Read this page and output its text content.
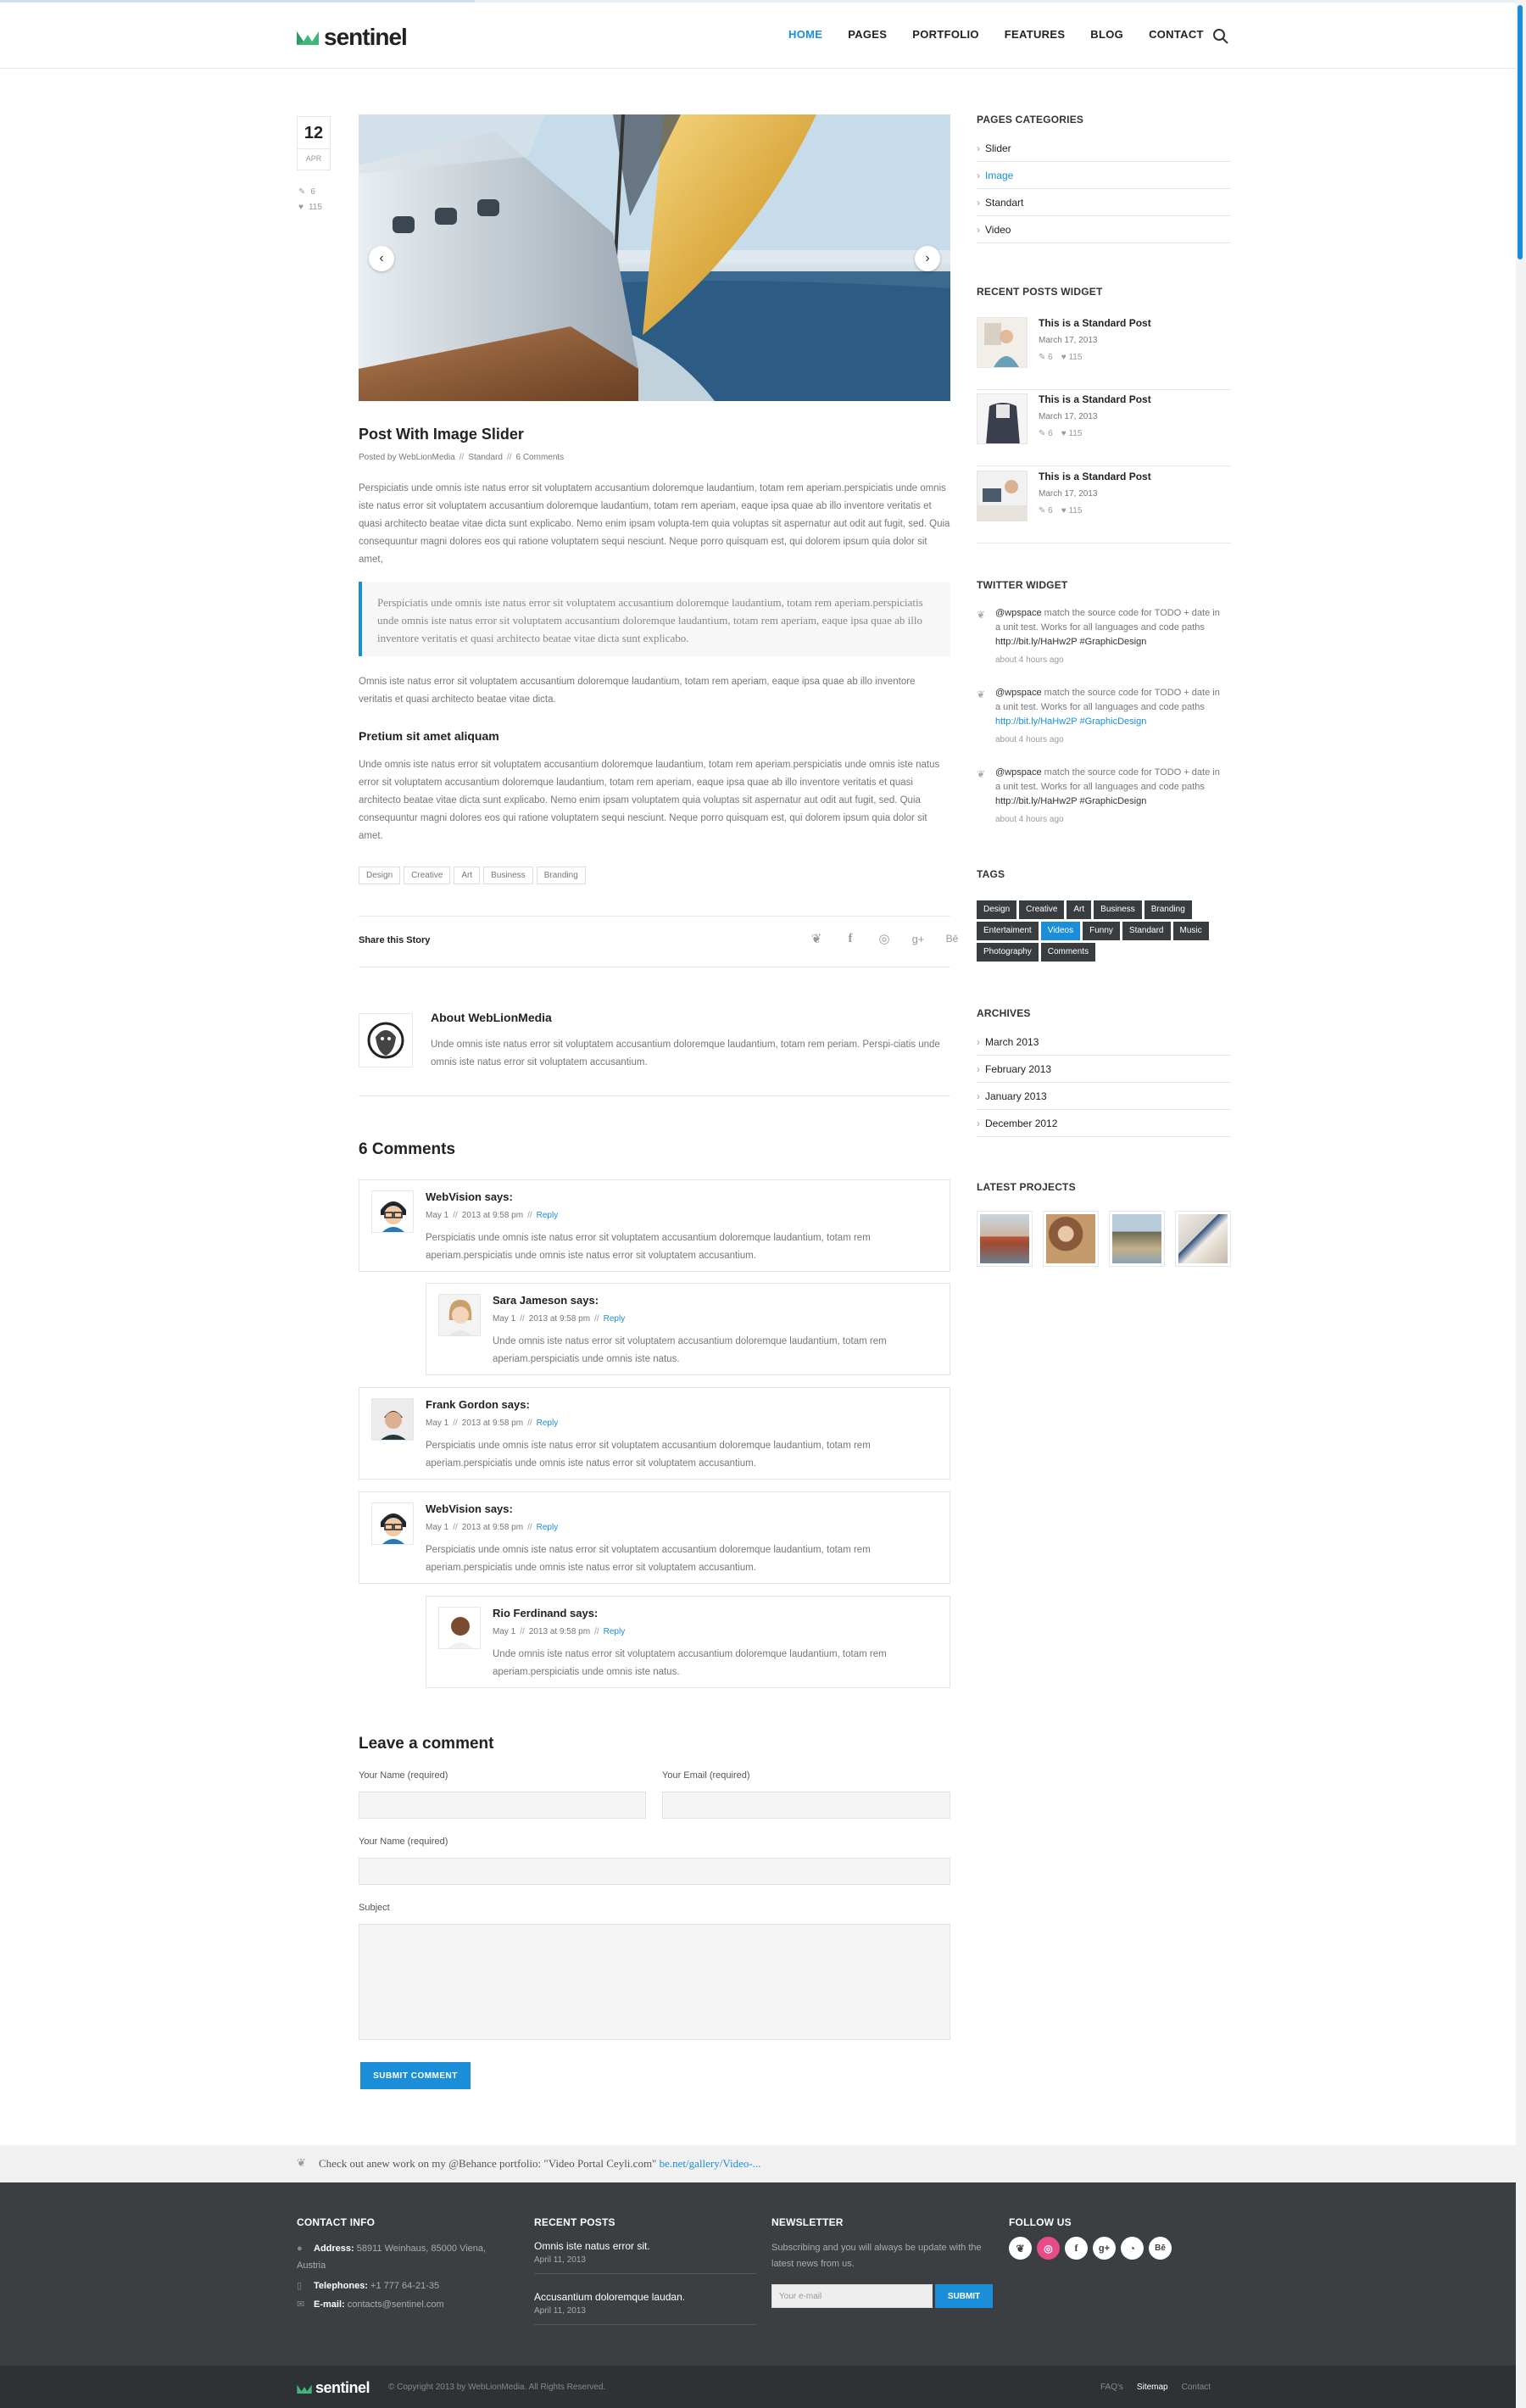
sentinel	HOME PAGES PORTFOLIO FEATURES BLOG CONTACT
12
APR
✎ 6
♥ 115
‹	›
Post With Image Slider
Posted by WebLionMedia // Standard // 6 Comments

Perspiciatis unde omnis iste natus error sit voluptatem accusantium doloremque laudantium, totam rem aperiam.perspiciatis unde omnis iste natus error sit voluptatem accusantium doloremque laudantium, totam rem aperiam, eaque ipsa quae ab illo inventore veritatis et quasi architecto beatae vitae dicta sunt explicabo. Nemo enim ipsam volupta-tem quia voluptas sit aspernatur aut odit aut fugit, sed. Quia consequuntur magni dolores eos qui ratione voluptatem sequi nesciunt. Neque porro quisquam est, qui dolorem ipsum quia dolor sit amet,

Perspiciatis unde omnis iste natus error sit voluptatem accusantium doloremque laudantium, totam rem aperiam.perspiciatis unde omnis iste natus error sit voluptatem accusantium doloremque laudantium, totam rem aperiam, eaque ipsa quae ab illo inventore veritatis et quasi architecto beatae vitae dicta sunt explicabo.

Omnis iste natus error sit voluptatem accusantium doloremque laudantium, totam rem aperiam, eaque ipsa quae ab illo inventore veritatis et quasi architecto beatae vitae dicta.

Pretium sit amet aliquam

Unde omnis iste natus error sit voluptatem accusantium doloremque laudantium, totam rem aperiam.perspiciatis unde omnis iste natus error sit voluptatem accusantium doloremque laudantium, totam rem aperiam, eaque ipsa quae ab illo inventore veritatis et quasi architecto beatae vitae dicta sunt explicabo. Nemo enim ipsam voluptatem quia voluptas sit aspernatur aut odit aut fugit, sed. Quia consequuntur magni dolores eos qui ratione voluptatem sequi nesciunt. Neque porro quisquam est, qui dolorem ipsum quia dolor sit amet.

Design	Creative	Art	Business	Branding
Share this Story	❦	f	◎ g+ Bē
About WebLionMedia

Unde omnis iste natus error sit voluptatem accusantium doloremque laudantium, totam rem periam. Perspi-ciatis unde omnis iste natus error sit voluptatem accusantium.

6 Comments
WebVision says:
May 1 // 2013 at 9:58 pm // Reply

Perspiciatis unde omnis iste natus error sit voluptatem accusantium doloremque laudantium, totam rem aperiam.perspiciatis unde omnis iste natus error sit voluptatem accusantium.

Sara Jameson says:
May 1 // 2013 at 9:58 pm // Reply

Unde omnis iste natus error sit voluptatem accusantium doloremque laudantium, totam rem aperiam.perspiciatis unde omnis iste natus.

Frank Gordon says:
May 1 // 2013 at 9:58 pm // Reply

Perspiciatis unde omnis iste natus error sit voluptatem accusantium doloremque laudantium, totam rem aperiam.perspiciatis unde omnis iste natus error sit voluptatem accusantium.

WebVision says:
May 1 // 2013 at 9:58 pm // Reply

Perspiciatis unde omnis iste natus error sit voluptatem accusantium doloremque laudantium, totam rem aperiam.perspiciatis unde omnis iste natus error sit voluptatem accusantium.

Rio Ferdinand says:
May 1 // 2013 at 9:58 pm // Reply

Unde omnis iste natus error sit voluptatem accusantium doloremque laudantium, totam rem aperiam.perspiciatis unde omnis iste natus.

Leave a comment
Your Name (required)	Your Email (required)
Your Name (required)
Subject
SUBMIT COMMENT
PAGES CATEGORIES
› Slider
› Image
› Standart
› Video
RECENT POSTS WIDGET
This is a Standard Post
March 17, 2013
✎ 6 ♥ 115
This is a Standard Post
March 17, 2013
✎ 6 ♥ 115
This is a Standard Post
March 17, 2013
✎ 6 ♥ 115
TWITTER WIDGET
❦ @wpspace match the source code for TODO + date in a unit test. Works for all languages and code paths http://bit.ly/HaHw2P #GraphicDesign
about 4 hours ago
❦ @wpspace match the source code for TODO + date in a unit test. Works for all languages and code paths http://bit.ly/HaHw2P #GraphicDesign
about 4 hours ago
❦ @wpspace match the source code for TODO + date in a unit test. Works for all languages and code paths http://bit.ly/HaHw2P #GraphicDesign
about 4 hours ago
TAGS
Design	Creative	Art	Business	Branding
Entertaiment	Videos	Funny	Standard	Music
Photography	Comments
ARCHIVES
› March 2013
› February 2013
› January 2013
› December 2012
LATEST PROJECTS
❦ Check out anew work on my @Behance portfolio: "Video Portal Ceyli.com" be.net/gallery/Video-...
CONTACT INFO
● Address: 58911 Weinhaus, 85000 Viena, Austria
▯ Telephones: +1 777 64-21-35
✉ E-mail: contacts@sentinel.com
RECENT POSTS
Omnis iste natus error sit.
April 11, 2013
Accusantium doloremque laudan.
April 11, 2013
NEWSLETTER
Subscribing and you will always be update with the latest news from us.
Your e-mail	SUBMIT
FOLLOW US
❦	◎	f	g+	◔	Bē
sentinel © Copyright 2013 by WebLionMedia. All Rights Reserved.	FAQ's Sitemap Contact
